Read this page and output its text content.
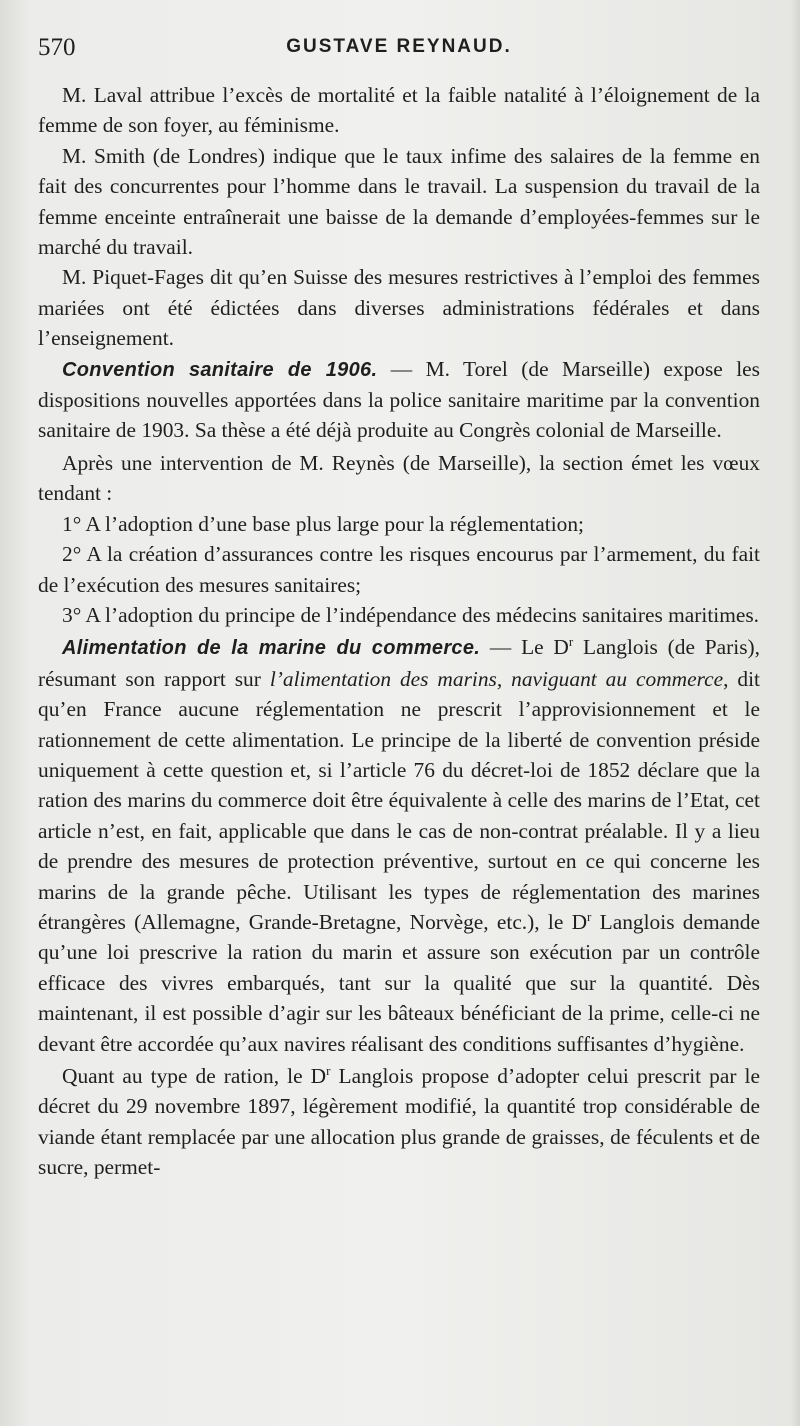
570	GUSTAVE REYNAUD.

M. Laval attribue l’excès de mortalité et la faible natalité à l’éloignement de la femme de son foyer, au féminisme.

M. Smith (de Londres) indique que le taux infime des salaires de la femme en fait des concurrentes pour l’homme dans le travail. La suspension du travail de la femme enceinte entraînerait une baisse de la demande d’employées-femmes sur le marché du travail.

M. Piquet-Fages dit qu’en Suisse des mesures restrictives à l’emploi des femmes mariées ont été édictées dans diverses administrations fédérales et dans l’enseignement.

Convention sanitaire de 1906. — M. Torel (de Marseille) expose les dispositions nouvelles apportées dans la police sanitaire maritime par la convention sanitaire de 1903. Sa thèse a été déjà produite au Congrès colonial de Marseille.

Après une intervention de M. Reynès (de Marseille), la section émet les vœux tendant :

1° A l’adoption d’une base plus large pour la réglementation;

2° A la création d’assurances contre les risques encourus par l’armement, du fait de l’exécution des mesures sanitaires;

3° A l’adoption du principe de l’indépendance des médecins sanitaires maritimes.

Alimentation de la marine du commerce. — Le $D^r$ Langlois (de Paris), résumant son rapport sur l’alimentation des marins, naviguant au commerce, dit qu’en France aucune réglementation ne prescrit l’approvisionnement et le rationnement de cette alimentation. Le principe de la liberté de convention préside uniquement à cette question et, si l’article 76 du décret-loi de 1852 déclare que la ration des marins du commerce doit être équivalente à celle des marins de l’Etat, cet article n’est, en fait, applicable que dans le cas de non-contrat préalable. Il y a lieu de prendre des mesures de protection préventive, surtout en ce qui concerne les marins de la grande pêche. Utilisant les types de réglementation des marines étrangères (Allemagne, Grande-Bretagne, Norvège, etc.), le $D^r$ Langlois demande qu’une loi prescrive la ration du marin et assure son exécution par un contrôle efficace des vivres embarqués, tant sur la qualité que sur la quantité. Dès maintenant, il est possible d’agir sur les bâteaux bénéficiant de la prime, celle-ci ne devant être accordée qu’aux navires réalisant des conditions suffisantes d’hygiène.

Quant au type de ration, le $D^r$ Langlois propose d’adopter celui prescrit par le décret du 29 novembre 1897, légèrement modifié, la quantité trop considérable de viande étant remplacée par une allocation plus grande de graisses, de féculents et de sucre, permet-
